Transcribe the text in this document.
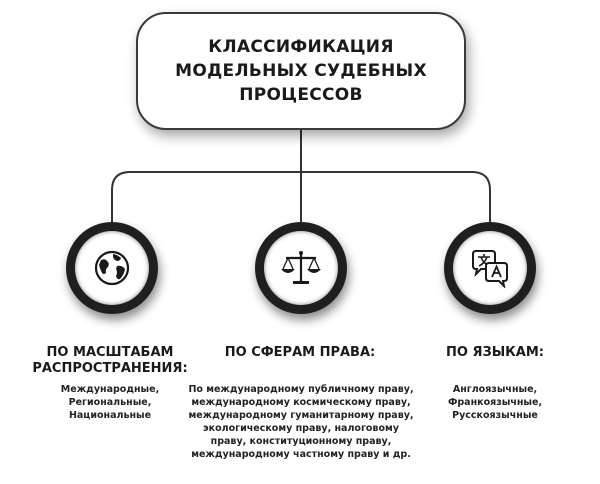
КЛАССИФИКАЦИЯ
МОДЕЛЬНЫХ СУДЕБНЫХ
ПРОЦЕССОВ
ПО МАСШТАБАМ
РАСПРОСТРАНЕНИЯ:
ПО СФЕРАМ ПРАВА:	ПО ЯЗЫКАМ:
Международные,
Региональные,
Национальные
По международному публичному праву,
международному космическому праву,
международному гуманитарному праву,
экологическому праву, налоговому
праву, конституционному праву,
международному частному праву и др.
Англоязычные,
Франкоязычные,
Русскоязычные
